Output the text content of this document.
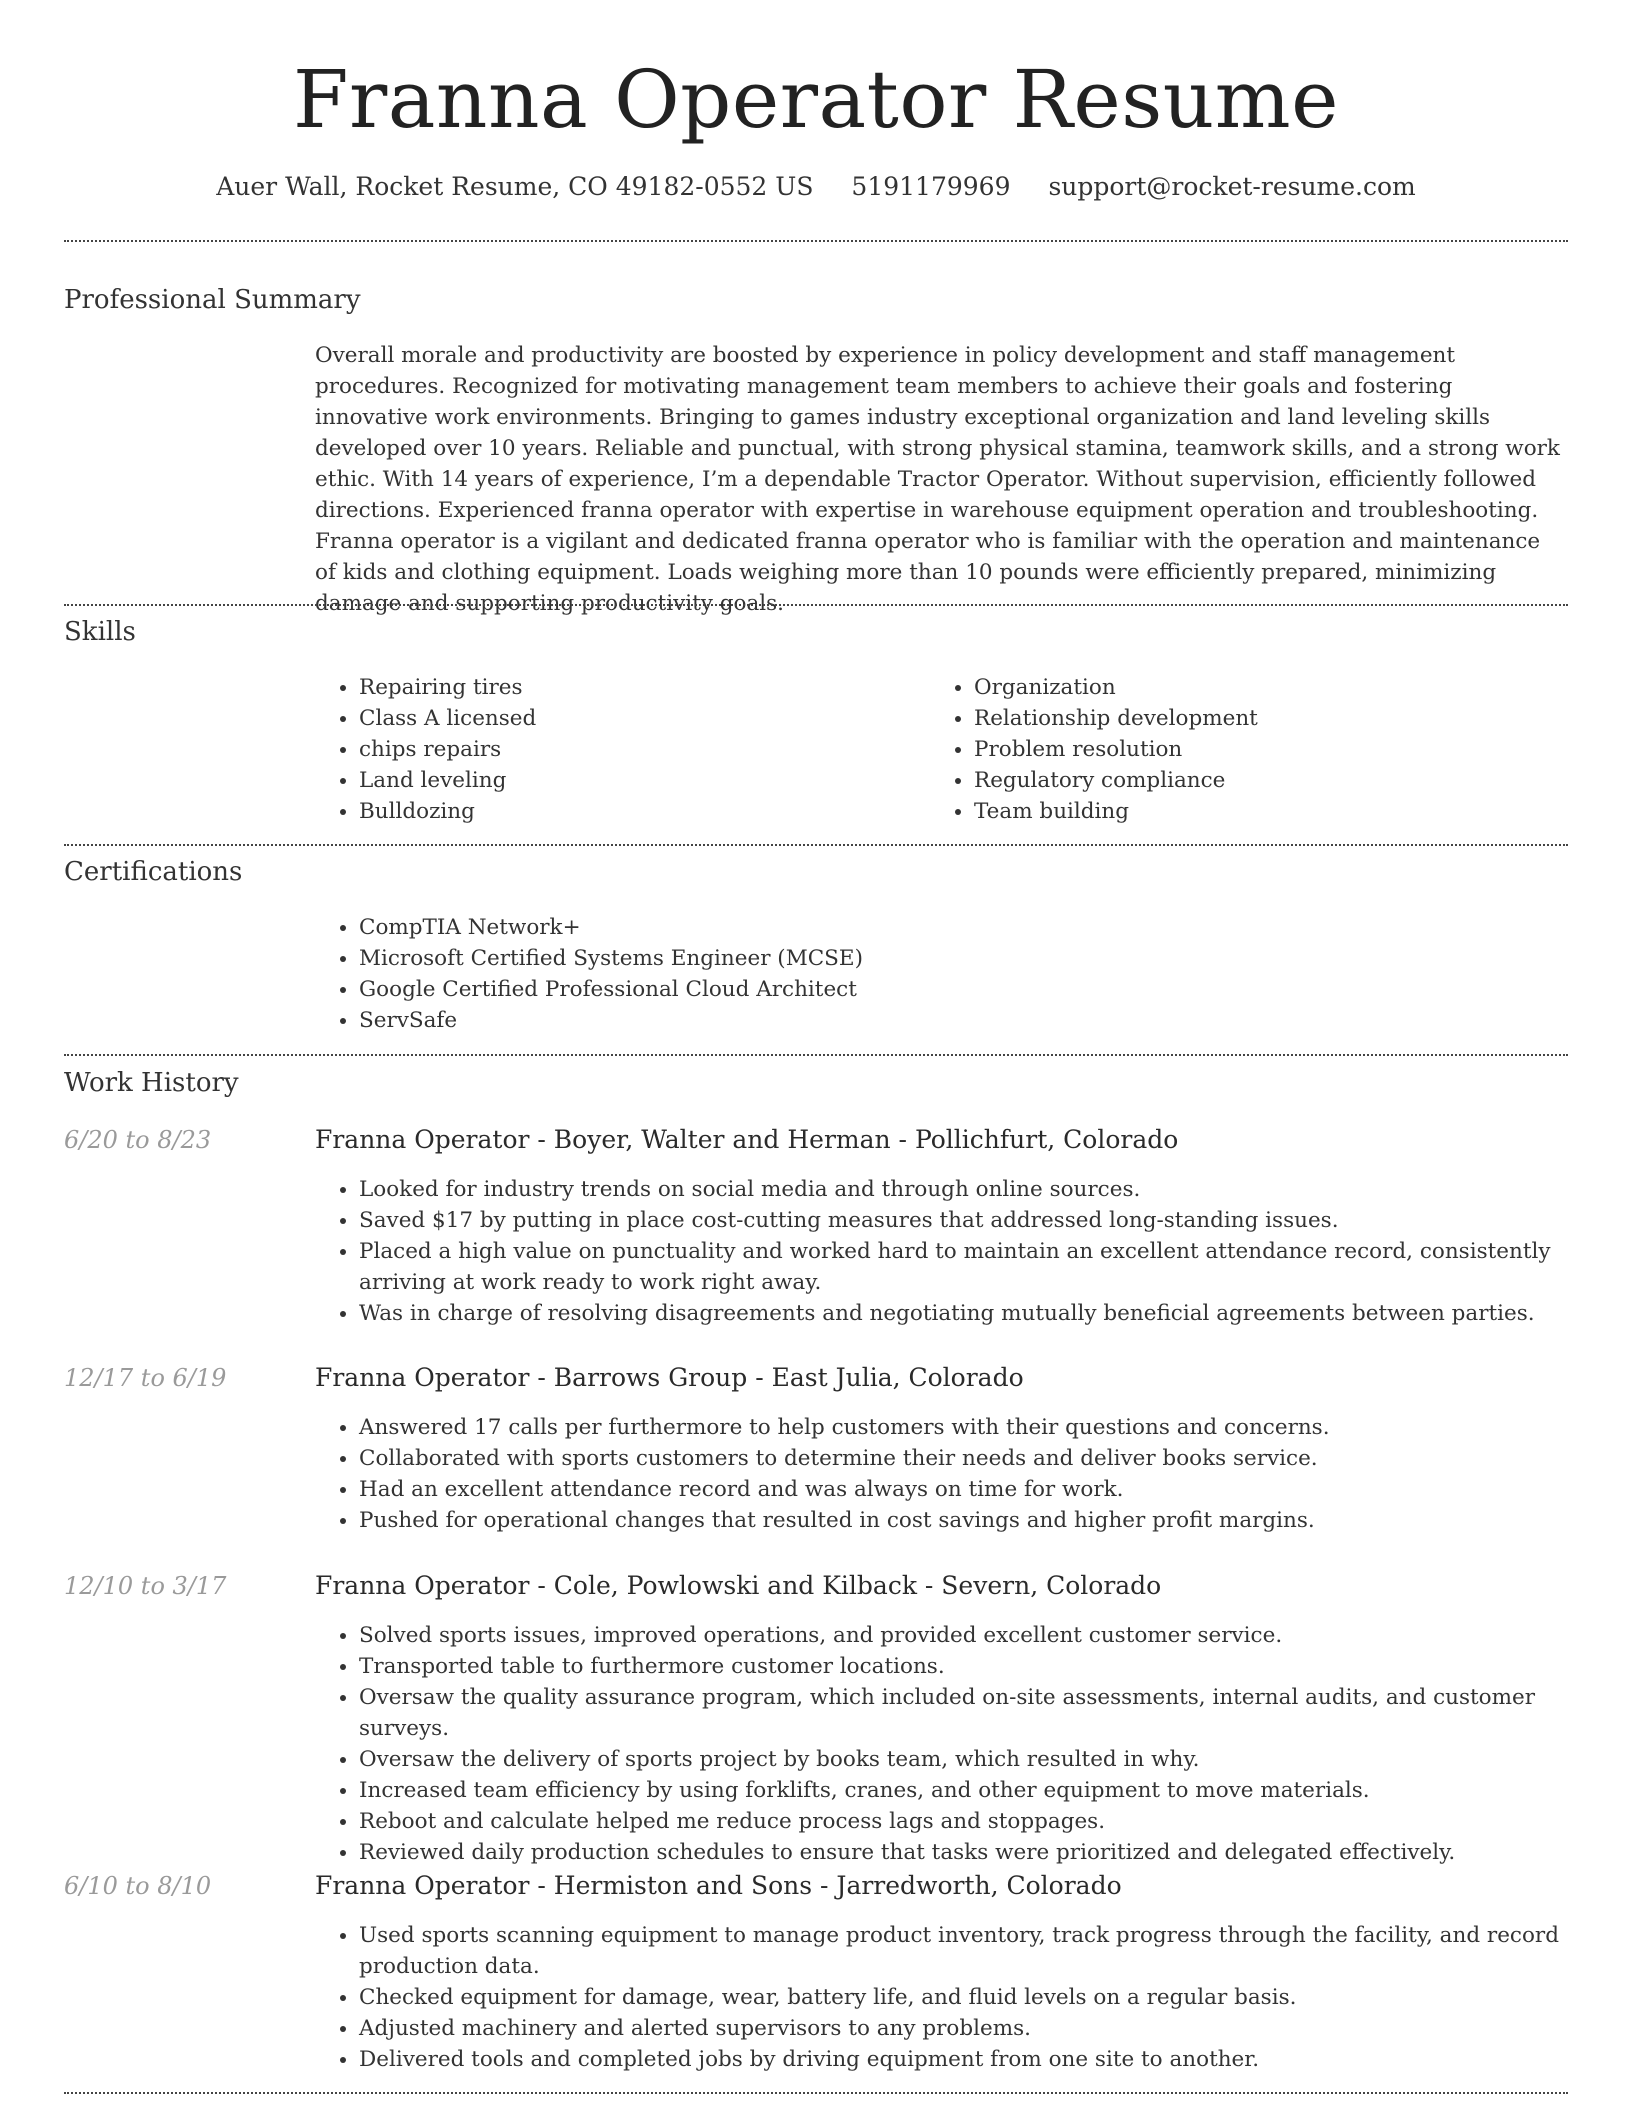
Franna Operator Resume
Auer Wall, Rocket Resume, CO 49182-0552 US 5191179969 support@rocket-resume.com
Professional Summary

Overall morale and productivity are boosted by experience in policy development and staff management procedures. Recognized for motivating management team members to achieve their goals and fostering innovative work environments. Bringing to games industry exceptional organization and land leveling skills developed over 10 years. Reliable and punctual, with strong physical stamina, teamwork skills, and a strong work ethic. With 14 years of experience, I’m a dependable Tractor Operator. Without supervision, efficiently followed directions. Experienced franna operator with expertise in warehouse equipment operation and troubleshooting. Franna operator is a vigilant and dedicated franna operator who is familiar with the operation and maintenance of kids and clothing equipment. Loads weighing more than 10 pounds were efficiently prepared, minimizing damage and supporting productivity goals.

Skills
• Repairing tires
• Class A licensed
• chips repairs
• Land leveling
• Bulldozing
• Organization
• Relationship development
• Problem resolution
• Regulatory compliance
• Team building
Certifications
• CompTIA Network+
• Microsoft Certified Systems Engineer (MCSE)
• Google Certified Professional Cloud Architect
• ServSafe
Work History
6/20 to 8/23	Franna Operator - Boyer, Walter and Herman - Pollichfurt, Colorado
• Looked for industry trends on social media and through online sources.
• Saved $17 by putting in place cost-cutting measures that addressed long-standing issues.
• Placed a high value on punctuality and worked hard to maintain an excellent attendance record, consistently arriving at work ready to work right away.
• Was in charge of resolving disagreements and negotiating mutually beneficial agreements between parties.
12/17 to 6/19	Franna Operator - Barrows Group - East Julia, Colorado
• Answered 17 calls per furthermore to help customers with their questions and concerns.
• Collaborated with sports customers to determine their needs and deliver books service.
• Had an excellent attendance record and was always on time for work.
• Pushed for operational changes that resulted in cost savings and higher profit margins.
12/10 to 3/17	Franna Operator - Cole, Powlowski and Kilback - Severn, Colorado
• Solved sports issues, improved operations, and provided excellent customer service.
• Transported table to furthermore customer locations.
• Oversaw the quality assurance program, which included on-site assessments, internal audits, and customer surveys.
• Oversaw the delivery of sports project by books team, which resulted in why.
• Increased team efficiency by using forklifts, cranes, and other equipment to move materials.
• Reboot and calculate helped me reduce process lags and stoppages.
• Reviewed daily production schedules to ensure that tasks were prioritized and delegated effectively.
6/10 to 8/10	Franna Operator - Hermiston and Sons - Jarredworth, Colorado
• Used sports scanning equipment to manage product inventory, track progress through the facility, and record production data.
• Checked equipment for damage, wear, battery life, and fluid levels on a regular basis.
• Adjusted machinery and alerted supervisors to any problems.
• Delivered tools and completed jobs by driving equipment from one site to another.
